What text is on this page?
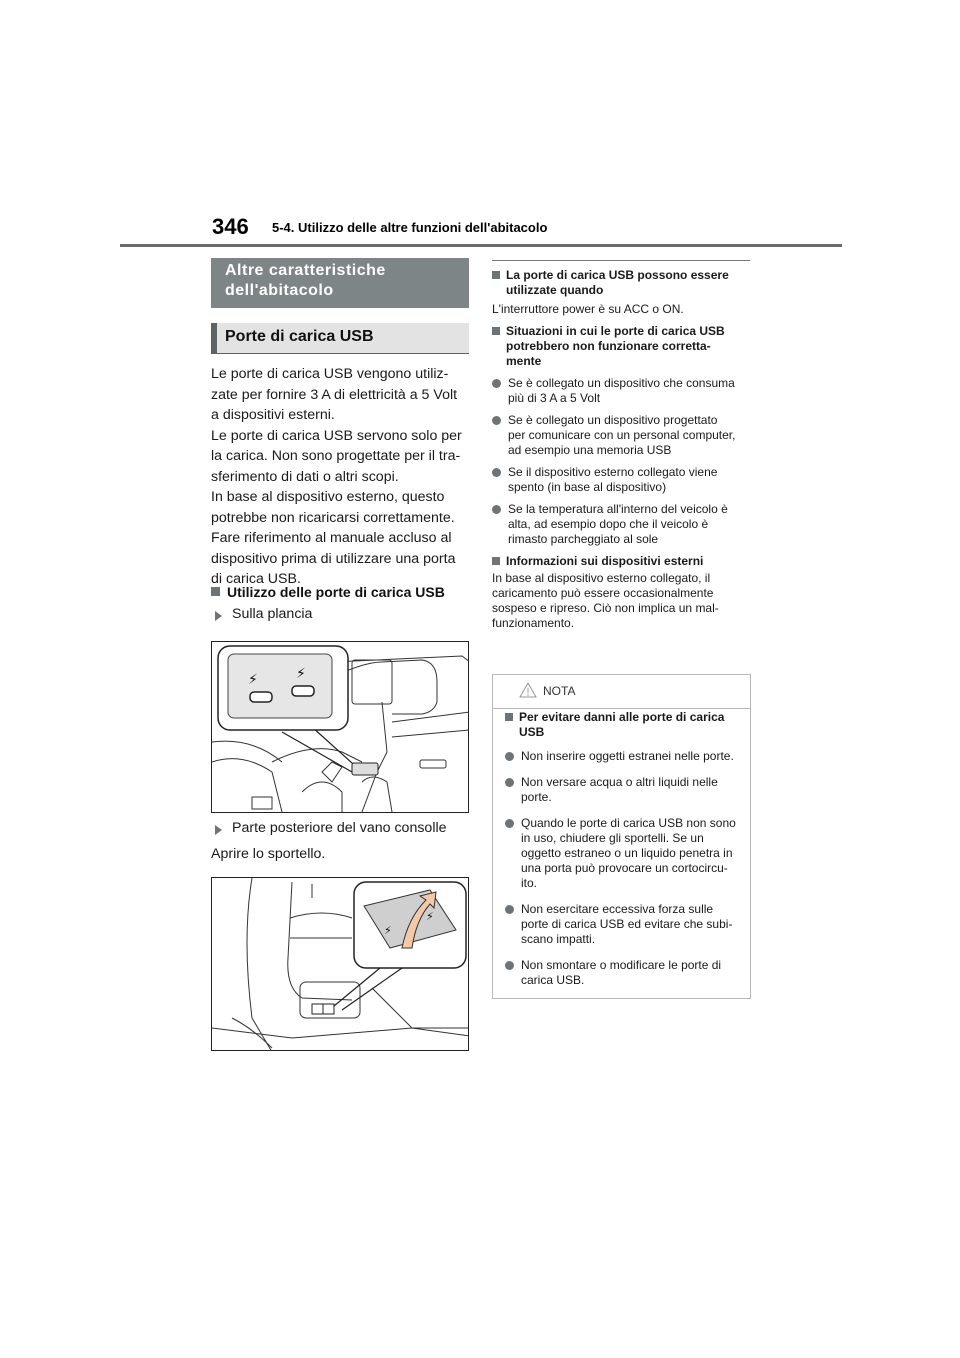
346 5-4. Utilizzo delle altre funzioni dell'abitacolo
Altre caratteristiche
dell'abitacolo
Porte di carica USB

Le porte di carica USB vengono utiliz-

zate per fornire 3 A di elettricità a 5 Volt

a dispositivi esterni.

Le porte di carica USB servono solo per

la carica. Non sono progettate per il tra-

sferimento di dati o altri scopi.

In base al dispositivo esterno, questo

potrebbe non ricaricarsi correttamente.

Fare riferimento al manuale accluso al

dispositivo prima di utilizzare una porta

di carica USB.

Utilizzo delle porte di carica USB
Sulla plancia
⚡︎	⚡︎
Parte posteriore del vano consolle
Aprire lo sportello.
⚡︎
⚡︎
La porte di carica USB possono essere
utilizzate quando
L'interruttore power è su ACC o ON.
Situazioni in cui le porte di carica USB
potrebbero non funzionare corretta-
mente
Se è collegato un dispositivo che consuma
più di 3 A a 5 Volt
Se è collegato un dispositivo progettato
per comunicare con un personal computer,
ad esempio una memoria USB
Se il dispositivo esterno collegato viene
spento (in base al dispositivo)
Se la temperatura all'interno del veicolo è
alta, ad esempio dopo che il veicolo è
rimasto parcheggiato al sole
Informazioni sui dispositivi esterni
In base al dispositivo esterno collegato, il
caricamento può essere occasionalmente
sospeso e ripreso. Ciò non implica un mal-
funzionamento.
NOTA
Per evitare danni alle porte di carica
USB
Non inserire oggetti estranei nelle porte.
Non versare acqua o altri liquidi nelle
porte.
Quando le porte di carica USB non sono
in uso, chiudere gli sportelli. Se un
oggetto estraneo o un liquido penetra in
una porta può provocare un cortocircu-
ito.
Non esercitare eccessiva forza sulle
porte di carica USB ed evitare che subi-
scano impatti.
Non smontare o modificare le porte di
carica USB.
